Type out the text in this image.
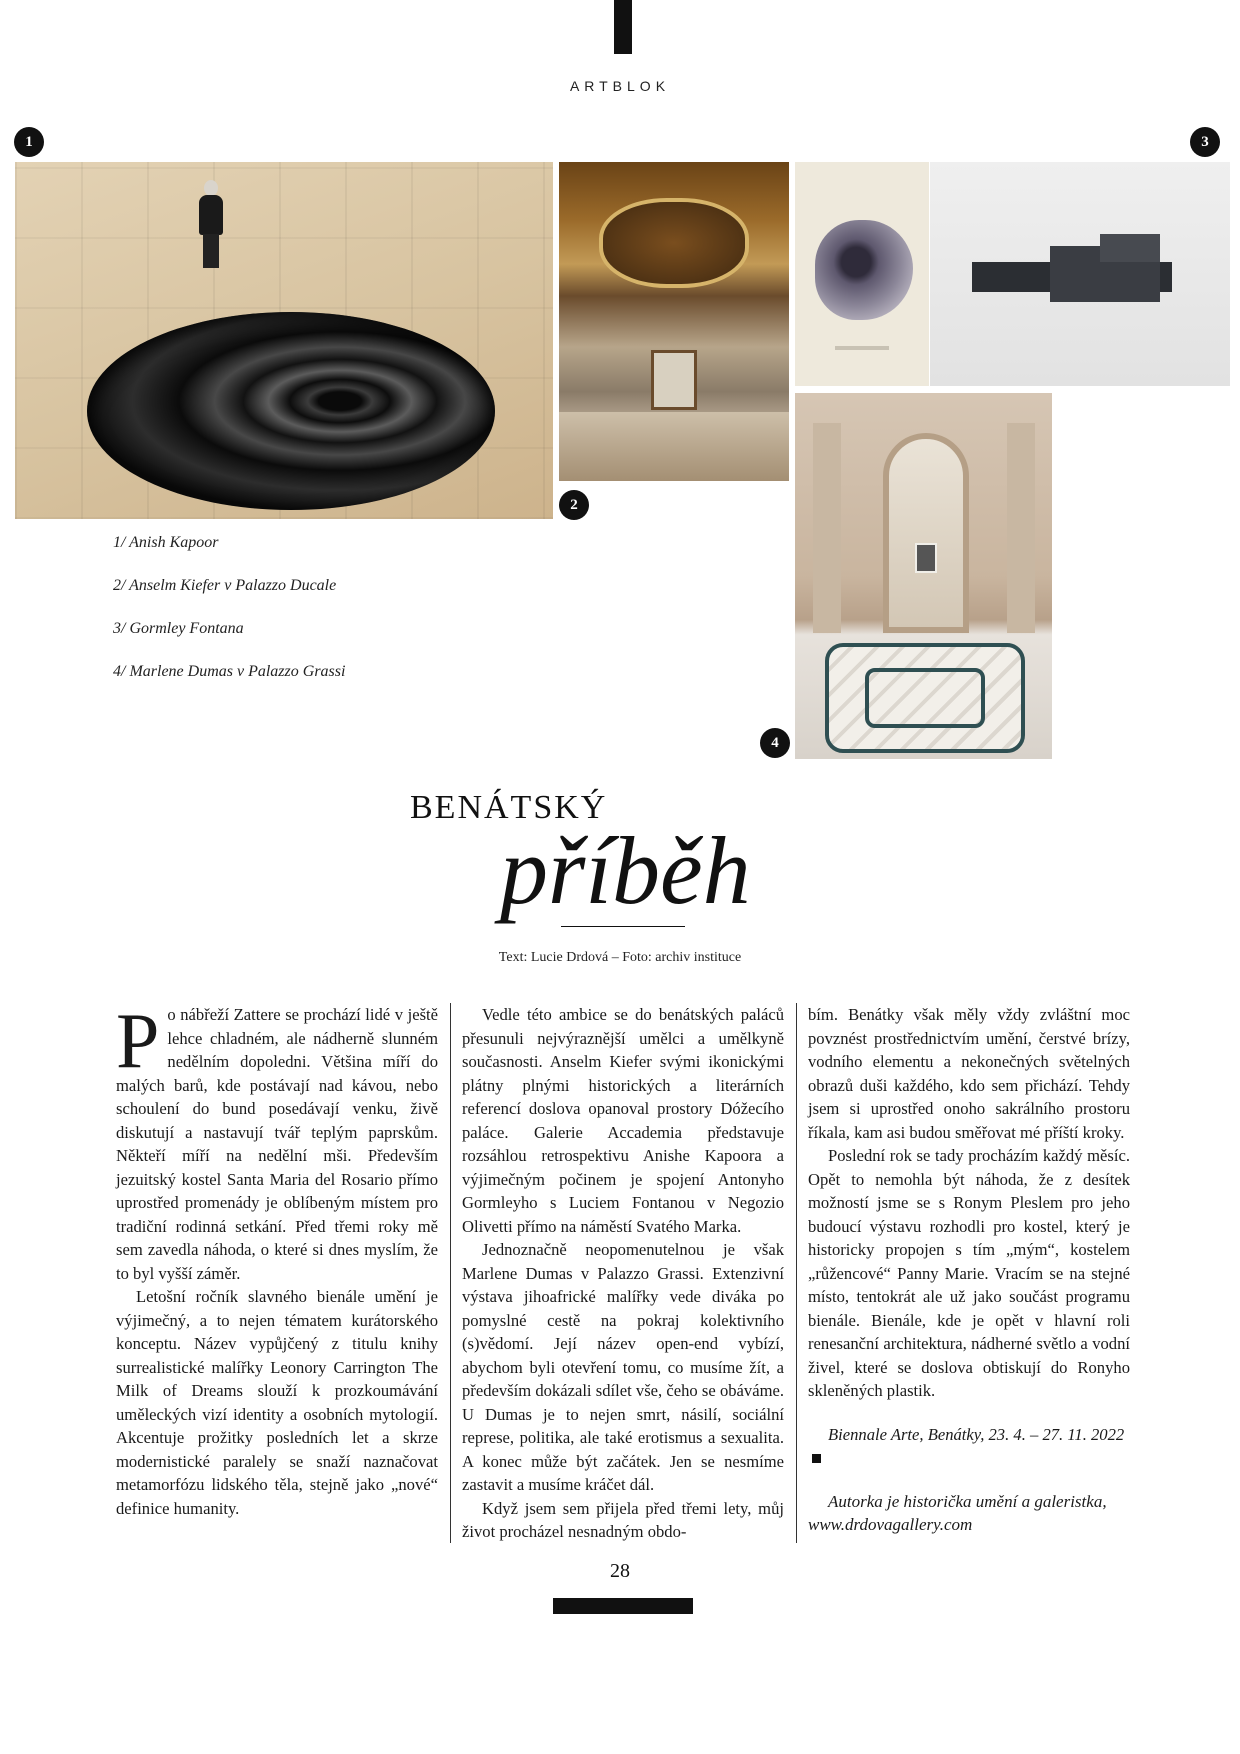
ARTBLOK
1
2
3
4
1/ Anish Kapoor
2/ Anselm Kiefer v Palazzo Ducale
3/ Gormley Fontana
4/ Marlene Dumas v Palazzo Grassi
BENÁTSKÝ
příběh
Text: Lucie Drdová – Foto: archiv instituce

Po nábřeží Zattere se prochází lidé v ještě lehce chladném, ale nádherně slunném nedělním dopoledni. Většina míří do malých barů, kde postávají nad kávou, nebo schoulení do bund posedávají venku, živě diskutují a nastavují tvář teplým paprskům. Někteří míří na nedělní mši. Především jezuitský kostel Santa Maria del Rosario přímo uprostřed promenády je oblíbeným místem pro tradiční rodinná setkání. Před třemi roky mě sem zavedla náhoda, o které si dnes myslím, že to byl vyšší záměr.

Letošní ročník slavného bienále umění je výjimečný, a to nejen tématem kurátorského konceptu. Název vypůjčený z titulu knihy surrealistické malířky Leonory Carrington The Milk of Dreams slouží k prozkoumávání uměleckých vizí identity a osobních mytologií. Akcentuje prožitky posledních let a skrze modernistické paralely se snaží naznačovat metamorfózu lidského těla, stejně jako „nové“ definice humanity.

Vedle této ambice se do benátských paláců přesunuli nejvýraznější umělci a umělkyně současnosti. Anselm Kiefer svými ikonickými plátny plnými historických a literárních referencí doslova opanoval prostory Dóžecího paláce. Galerie Accademia představuje rozsáhlou retrospektivu Anishe Kapoora a výjimečným počinem je spojení Antonyho Gormleyho s Luciem Fontanou v Negozio Olivetti přímo na náměstí Svatého Marka.

Jednoznačně neopomenutelnou je však Marlene Dumas v Palazzo Grassi. Extenzivní výstava jihoafrické malířky vede diváka po pomyslné cestě na pokraj kolektivního (s)vědomí. Její název open-end vybízí, abychom byli otevření tomu, co musíme žít, a především dokázali sdílet vše, čeho se obáváme. U Dumas je to nejen smrt, násilí, sociální represe, politika, ale také erotismus a sexualita. A konec může být začátek. Jen se nesmíme zastavit a musíme kráčet dál.

Když jsem sem přijela před třemi lety, můj život procházel nesnadným obdo-

bím. Benátky však měly vždy zvláštní moc povznést prostřednictvím umění, čerstvé brízy, vodního elementu a nekonečných světelných obrazů duši každého, kdo sem přichází. Tehdy jsem si uprostřed onoho sakrálního prostoru říkala, kam asi budou směřovat mé příští kroky.

Poslední rok se tady procházím každý měsíc. Opět to nemohla být náhoda, že z desítek možností jsme se s Ronym Pleslem pro jeho budoucí výstavu rozhodli pro kostel, který je historicky propojen s tím „mým“, kostelem „růžencové“ Panny Marie. Vracím se na stejné místo, tentokrát ale už jako součást programu bienále. Bienále, kde je opět v hlavní roli renesanční architektura, nádherné světlo a vodní živel, které se doslova obtiskují do Ronyho skleněných plastik.

Biennale Arte, Benátky, 23. 4. – 27. 11. 2022

Autorka je historička umění a galeristka,
www.drdovagallery.com

28
